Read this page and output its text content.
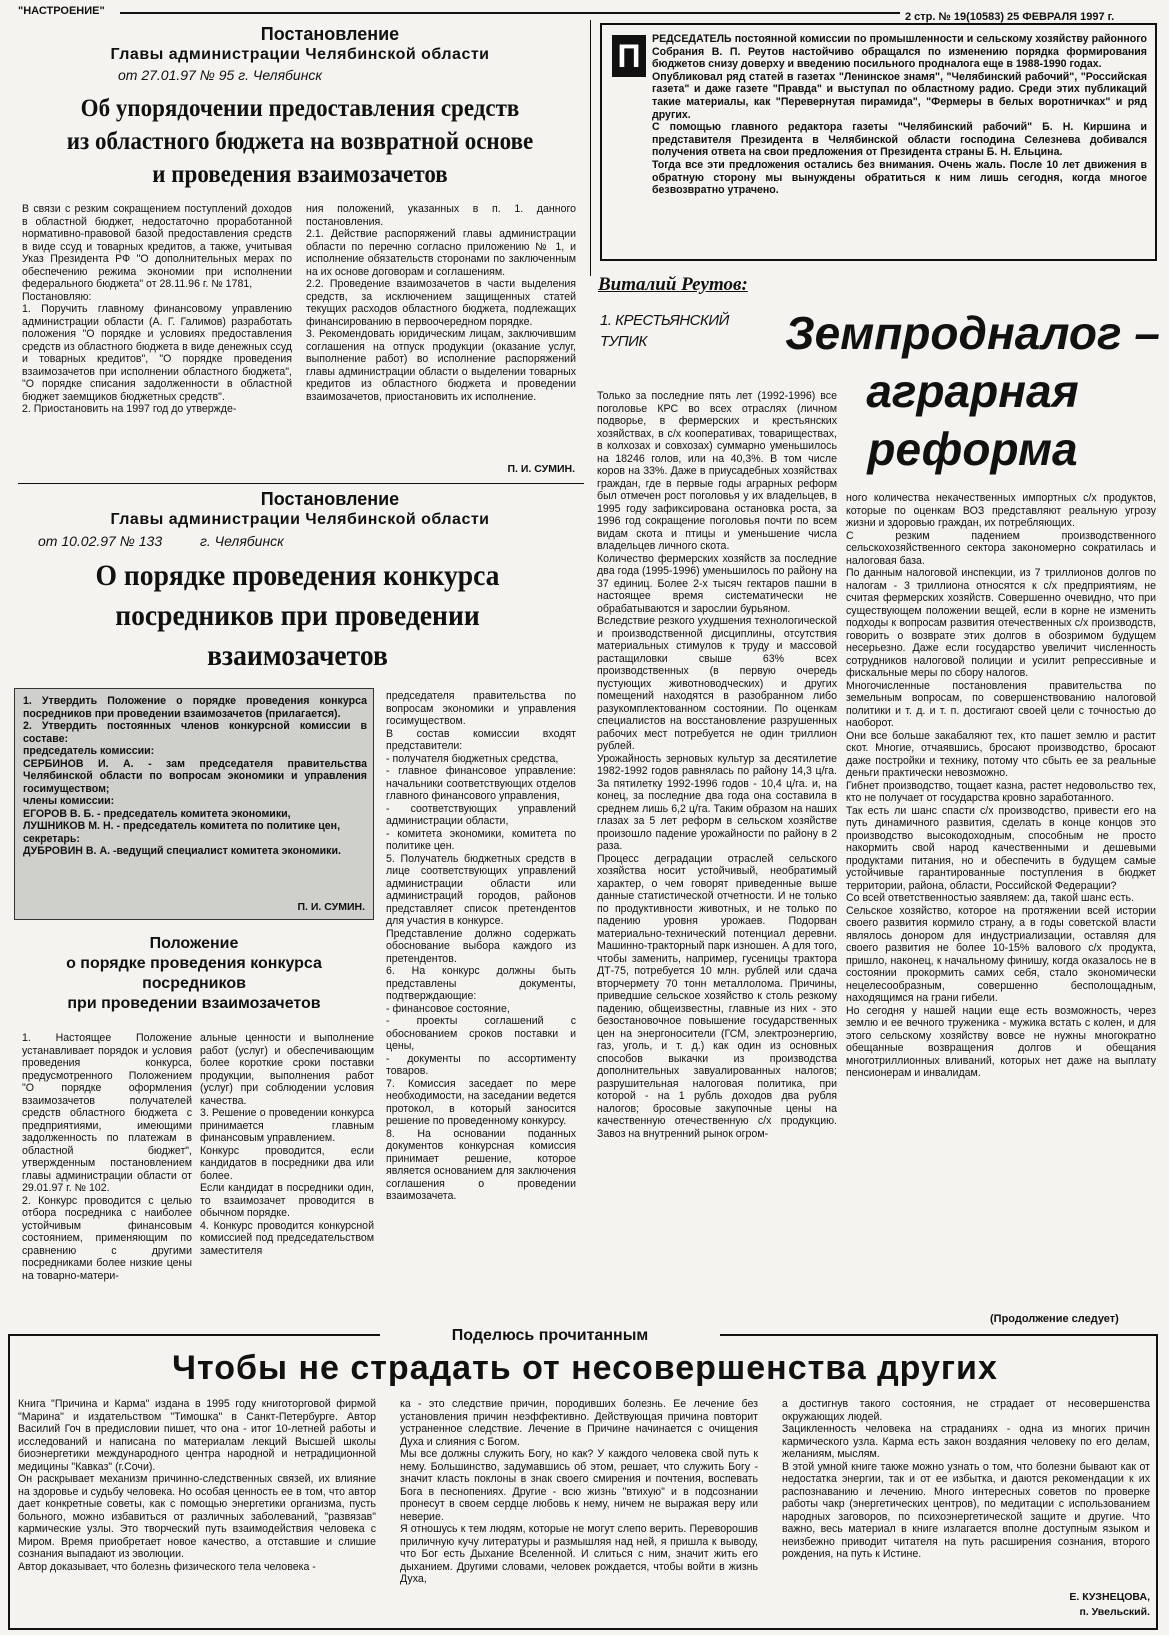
"НАСТРОЕНИЕ"	2 стр. № 19(10583) 25 ФЕВРАЛЯ 1997 г.
Постановление
Главы администрации Челябинской области
от 27.01.97 № 95 г. Челябинск
Об упорядочении предоставления средств
из областного бюджета на возвратной основе
и проведения взаимозачетов

В связи с резким сокращением поступлений доходов в областной бюджет, недостаточно проработанной нормативно-правовой базой предоставления средств в виде ссуд и товарных кредитов, а также, учитывая Указ Президента РФ "О дополнительных мерах по обеспечению режима экономии при исполнении федерального бюджета" от 28.11.96 г. № 1781,
Постановляю:
1. Поручить главному финансовому управлению администрации области (А. Г. Галимов) разработать положения "О порядке и условиях предоставления средств из областного бюджета в виде денежных ссуд и товарных кредитов", "О порядке проведения взаимозачетов при исполнении областного бюджета", "О порядке списания задолженности в областной бюджет заемщиков бюджетных средств".
2. Приостановить на 1997 год до утвержде-

ния положений, указанных в п. 1. данного постановления.
2.1. Действие распоряжений главы администрации области по перечню согласно приложению № 1, и исполнение обязательств сторонами по заключенным на их основе договорам и соглашениям.
2.2. Проведение взаимозачетов в части выделения средств, за исключением защищенных статей текущих расходов областного бюджета, подлежащих финансированию в первоочередном порядке.
3. Рекомендовать юридическим лицам, заключившим соглашения на отпуск продукции (оказание услуг, выполнение работ) во исполнение распоряжений главы администрации области о выделении товарных кредитов из областного бюджета и проведении взаимозачетов, приостановить их исполнение.

П. И. СУМИН.
П	РЕДСЕДАТЕЛЬ постоянной комиссии по промышленности и сельскому хозяйству районного Собрания В. П. Реутов настойчиво обращался по изменению порядка формирования бюджетов снизу доверху и введению посильного продналога еще в 1988-1990 годах.
Опубликовал ряд статей в газетах "Ленинское знамя", "Челябинский рабочий", "Российская газета" и даже газете "Правда" и выступал по областному радио. Среди этих публикаций такие материалы, как "Перевернутая пирамида", "Фермеры в белых воротничках" и ряд других.
С помощью главного редактора газеты "Челябинский рабочий" Б. Н. Киршина и представителя Президента в Челябинской области господина Селезнева добивался получения ответа на свои предложения от Президента страны Б. Н. Ельцина.
Тогда все эти предложения остались без внимания. Очень жаль. После 10 лет движения в обратную сторону мы вынуждены обратиться к ним лишь сегодня, когда многое безвозвратно утрачено.

Виталий Реутов:
1. КРЕСТЬЯНСКИЙ
ТУПИК	Земпродналог –
аграрная
реформа

Только за последние пять лет (1992-1996) все поголовье КРС во всех отраслях (личном подворье, в фермерских и крестьянских хозяйствах, в с/х кооперативах, товариществах, в колхозах и совхозах) суммарно уменьшилось на 18246 голов, или на 40,3%. В том числе коров на 33%. Даже в приусадебных хозяйствах граждан, где в первые годы аграрных реформ был отмечен рост поголовья у их владельцев, в 1995 году зафиксирована остановка роста, за 1996 год сокращение поголовья почти по всем видам скота и птицы и уменьшение числа владельцев личного скота.
Количество фермерских хозяйств за последние два года (1995-1996) уменьшилось по району на 37 единиц. Более 2-х тысяч гектаров пашни в настоящее время систематически не обрабатываются и зарослии бурьяном.
Вследствие резкого ухудшения технологической и производственной дисциплины, отсутствия материальных стимулов к труду и массовой растащиловки свыше 63% всех производственных (в первую очередь пустующих животноводческих) и других помещений находятся в разобранном либо разукомплектованном состоянии. По оценкам специалистов на восстановление разрушенных рабочих мест потребуется не один триллион рублей.
Урожайность зерновых культур за десятилетие 1982-1992 годов равнялась по району 14,3 ц/га. За пятилетку 1992-1996 годов - 10,4 ц/га. и, на конец, за последние два года она составила в среднем лишь 6,2 ц/га. Таким образом на наших глазах за 5 лет реформ в сельском хозяйстве произошло падение урожайности по району в 2 раза.
Процесс деградации отраслей сельского хозяйства носит устойчивый, необратимый характер, о чем говорят приведенные выше данные статистической отчетности. И не только по продуктивности животных, и не только по падению уровня урожаев. Подорван материально-технический потенциал деревни. Машинно-тракторный парк изношен. А для того, чтобы заменить, например, гусеницы трактора ДТ-75, потребуется 10 млн. рублей или сдача вторчермету 70 тонн металлолома. Причины, приведшие сельское хозяйство к столь резкому падению, общеизвестны, главные из них - это безостановочное повышение государственных цен на энергоносители (ГСМ, электроэнергию, газ, уголь, и т. д.) как один из основных способов выкачки из производства дополнительных завуалированных налогов; разрушительная налоговая политика, при которой - на 1 рубль доходов два рубля налогов; бросовые закупочные цены на качественную отечественную с/х продукцию. Завоз на внутренний рынок огром-

ного количества некачественных импортных с/х продуктов, которые по оценкам ВОЗ представляют реальную угрозу жизни и здоровью граждан, их потребляющих.
С резким падением производственного сельскохозяйственного сектора закономерно сократилась и налоговая база.
По данным налоговой инспекции, из 7 триллионов долгов по налогам - 3 триллиона относятся к с/х предприятиям, не считая фермерских хозяйств. Совершенно очевидно, что при существующем положении вещей, если в корне не изменить подходы к вопросам развития отечественных с/х производств, говорить о возврате этих долгов в обозримом будущем несерьезно. Даже если государство увеличит численность сотрудников налоговой полиции и усилит репрессивные и фискальные меры по сбору налогов.
Многочисленные постановления правительства по земельным вопросам, по совершенствованию налоговой политики и т. д. и т. п. достигают своей цели с точностью до наоборот.
Они все больше закабаляют тех, кто пашет землю и растит скот. Многие, отчаявшись, бросают производство, бросают даже постройки и технику, потому что сбыть ее за реальные деньги практически невозможно.
Гибнет производство, тощает казна, растет недовольство тех, кто не получает от государства кровно заработанного.
Так есть ли шанс спасти с/х производство, привести его на путь динамичного развития, сделать в конце концов это производство высокодоходным, способным не просто накормить свой народ качественными и дешевыми продуктами питания, но и обеспечить в будущем самые устойчивые гарантированные поступления в бюджет территории, района, области, Российской Федерации?
Со всей ответственностью заявляем: да, такой шанс есть.
Сельское хозяйство, которое на протяжении всей истории своего развития кормило страну, а в годы советской власти являлось донором для индустриализации, оставляя для своего развития не более 10-15% валового с/х продукта, пришло, наконец, к начальному финишу, когда оказалось не в состоянии прокормить самих себя, стало экономически нецелесообразным, совершенно бесполощадным, находящимся на грани гибели.
Но сегодня у нашей нации еще есть возможность, через землю и ее вечного труженика - мужика встать с колен, и для этого сельскому хозяйству вовсе не нужны многократно обещанные возвращения долгов и обещания многотриллионных вливаний, которых нет даже на выплату пенсионерам и инвалидам.

(Продолжение следует)
Постановление
Главы администрации Челябинской области
от 10.02.97 № 133	г. Челябинск
О порядке проведения конкурса
посредников при проведении
взаимозачетов

1. Утвердить Положение о порядке проведения конкурса посредников при проведении взаимозачетов (прилагается).
2. Утвердить постоянных членов конкурсной комиссии в составе:
председатель комиссии:
СЕРБИНОВ И. А. - зам председателя правительства Челябинской области по вопросам экономики и управления госимуществом;
члены комиссии:
ЕГОРОВ В. Б. - председатель комитета экономики,
ЛУШНИКОВ М. Н. - председатель комитета по политике цен,
секретарь:
ДУБРОВИН В. А. -ведущий специалист комитета экономики.

П. И. СУМИН.

председателя правительства по вопросам экономики и управления госимуществом.
В состав комиссии входят представители:
- получателя бюджетных средства,
- главное финансовое управление: начальники соответствующих отделов главного финансового управления,
- соответствующих управлений администрации области,
- комитета экономики, комитета по политике цен.
5. Получатель бюджетных средств в лице соответствующих управлений администрации области или администраций городов, районов представляет список претендентов для участия в конкурсе.
Представление должно содержать обоснование выбора каждого из претендентов.
6. На конкурс должны быть представлены документы, подтверждающие:
- финансовое состояние,
- проекты соглашений с обоснованием сроков поставки и цены,
- документы по ассортименту товаров.
7. Комиссия заседает по мере необходимости, на заседании ведется протокол, в который заносится решение по проведенному конкурсу.
8. На основании поданных документов конкурсная комиссия принимает решение, которое является основанием для заключения соглашения о проведении взаимозачета.

Положение
о порядке проведения конкурса
посредников
при проведении взаимозачетов

1. Настоящее Положение устанавливает порядок и условия проведения конкурса, предусмотренного Положением "О порядке оформления взаимозачетов получателей средств областного бюджета с предприятиями, имеющими задолженность по платежам в областной бюджет", утвержденным постановлением главы администрации области от 29.01.97 г. № 102.
2. Конкурс проводится с целью отбора посредника с наиболее устойчивым финансовым состоянием, применяющим по сравнению с другими посредниками более низкие цены на товарно-матери-

альные ценности и выполнение работ (услуг) и обеспечивающим более короткие сроки поставки продукции, выполнения работ (услуг) при соблюдении условия качества.
3. Решение о проведении конкурса принимается главным финансовым управлением.
Конкурс проводится, если кандидатов в посредники два или более.
Если кандидат в посредники один, то взаимозачет проводится в обычном порядке.
4. Конкурс проводится конкурсной комиссией под председательством заместителя

Поделюсь прочитанным
Чтобы не страдать от несовершенства других

Книга "Причина и Карма" издана в 1995 году книготорговой фирмой "Марина" и издательством "Тимошка" в Санкт-Петербурге. Автор Василий Гоч в предисловии пишет, что она - итог 10-летней работы и исследований и написана по материалам лекций Высшей школы биоэнергетики международного центра народной и нетрадиционной медицины "Кавказ" (г.Сочи).
Он раскрывает механизм причинно-следственных связей, их влияние на здоровье и судьбу человека. Но особая ценность ее в том, что автор дает конкретные советы, как с помощью энергетики организма, пусть больного, можно избавиться от различных заболеваний, "развязав" кармические узлы. Это творческий путь взаимодействия человека с Миром. Время приобретает новое качество, а отставшие и слишие сознания выпадают из эволюции.
Автор доказывает, что болезнь физического тела человека -

ка - это следствие причин, породивших болезнь. Ее лечение без установления причин неэффективно. Действующая причина повторит устраненное следствие. Лечение в Причине начинается с очищения Духа и слияния с Богом.
Мы все должны служить Богу, но как? У каждого человека свой путь к нему. Большинство, задумавшись об этом, решает, что служить Богу - значит класть поклоны в знак своего смирения и почтения, воспевать Бога в песнопениях. Другие - всю жизнь "втихую" и в подсознании пронесут в своем сердце любовь к нему, ничем не выражая веру или неверие.
Я отношусь к тем людям, которые не могут слепо верить. Переворошив приличную кучу литературы и размышляя над ней, я пришла к выводу, что Бог есть Дыхание Вселенной. И слиться с ним, значит жить его дыханием. Другими словами, человек рождается, чтобы войти в жизнь Духа,

а достигнув такого состояния, не страдает от несовершенства окружающих людей.
Зацикленность человека на страданиях - одна из многих причин кармического узла. Карма есть закон воздаяния человеку по его делам, желаниям, мыслям.
В этой умной книге также можно узнать о том, что болезни бывают как от недостатка энергии, так и от ее избытка, и даются рекомендации к их распознаванию и лечению. Много интересных советов по проверке работы чакр (энергетических центров), по медитации с использованием народных заговоров, по психоэнергетической защите и другие. Что важно, весь материал в книге излагается вполне доступным языком и неизбежно приводит читателя на путь расширения сознания, второго рождения, на путь к Истине.

Е. КУЗНЕЦОВА,
п. Увельский.
